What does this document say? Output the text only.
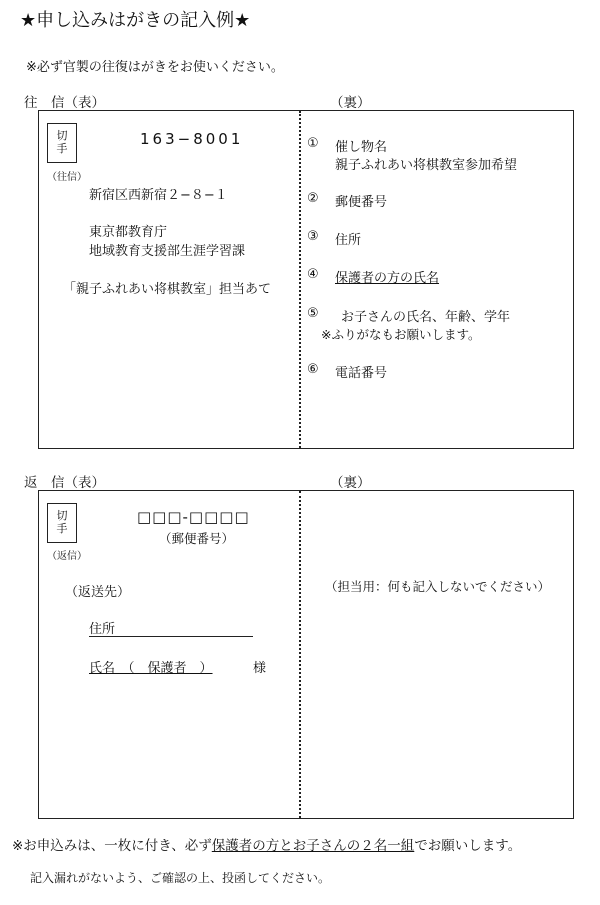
★申し込みはがきの記入例★
※必ず官製の往復はがきをお使いください。
往　信（表）	（裏）
切
手
（往信）
163−8001
新宿区西新宿２−８−１
東京都教育庁
地域教育支援部生涯学習課
「親子ふれあい将棋教室」担当あて
① 催し物名
親子ふれあい将棋教室参加希望
② 郵便番号
③ 住所
④ 保護者の方の氏名
⑤ お子さんの氏名、年齢、学年
※ふりがなもお願いします。
⑥ 電話番号
返　信（表）	（裏）
切
手
（返信）
□□□-□□□□
（郵便番号）
（返送先）
住所
氏名　（　保護者　）	様
（担当用：何も記入しないでください）
※お申込みは、一枚に付き、必ず保護者の方とお子さんの２名一組でお願いします。
記入漏れがないよう、ご確認の上、投函してください。
